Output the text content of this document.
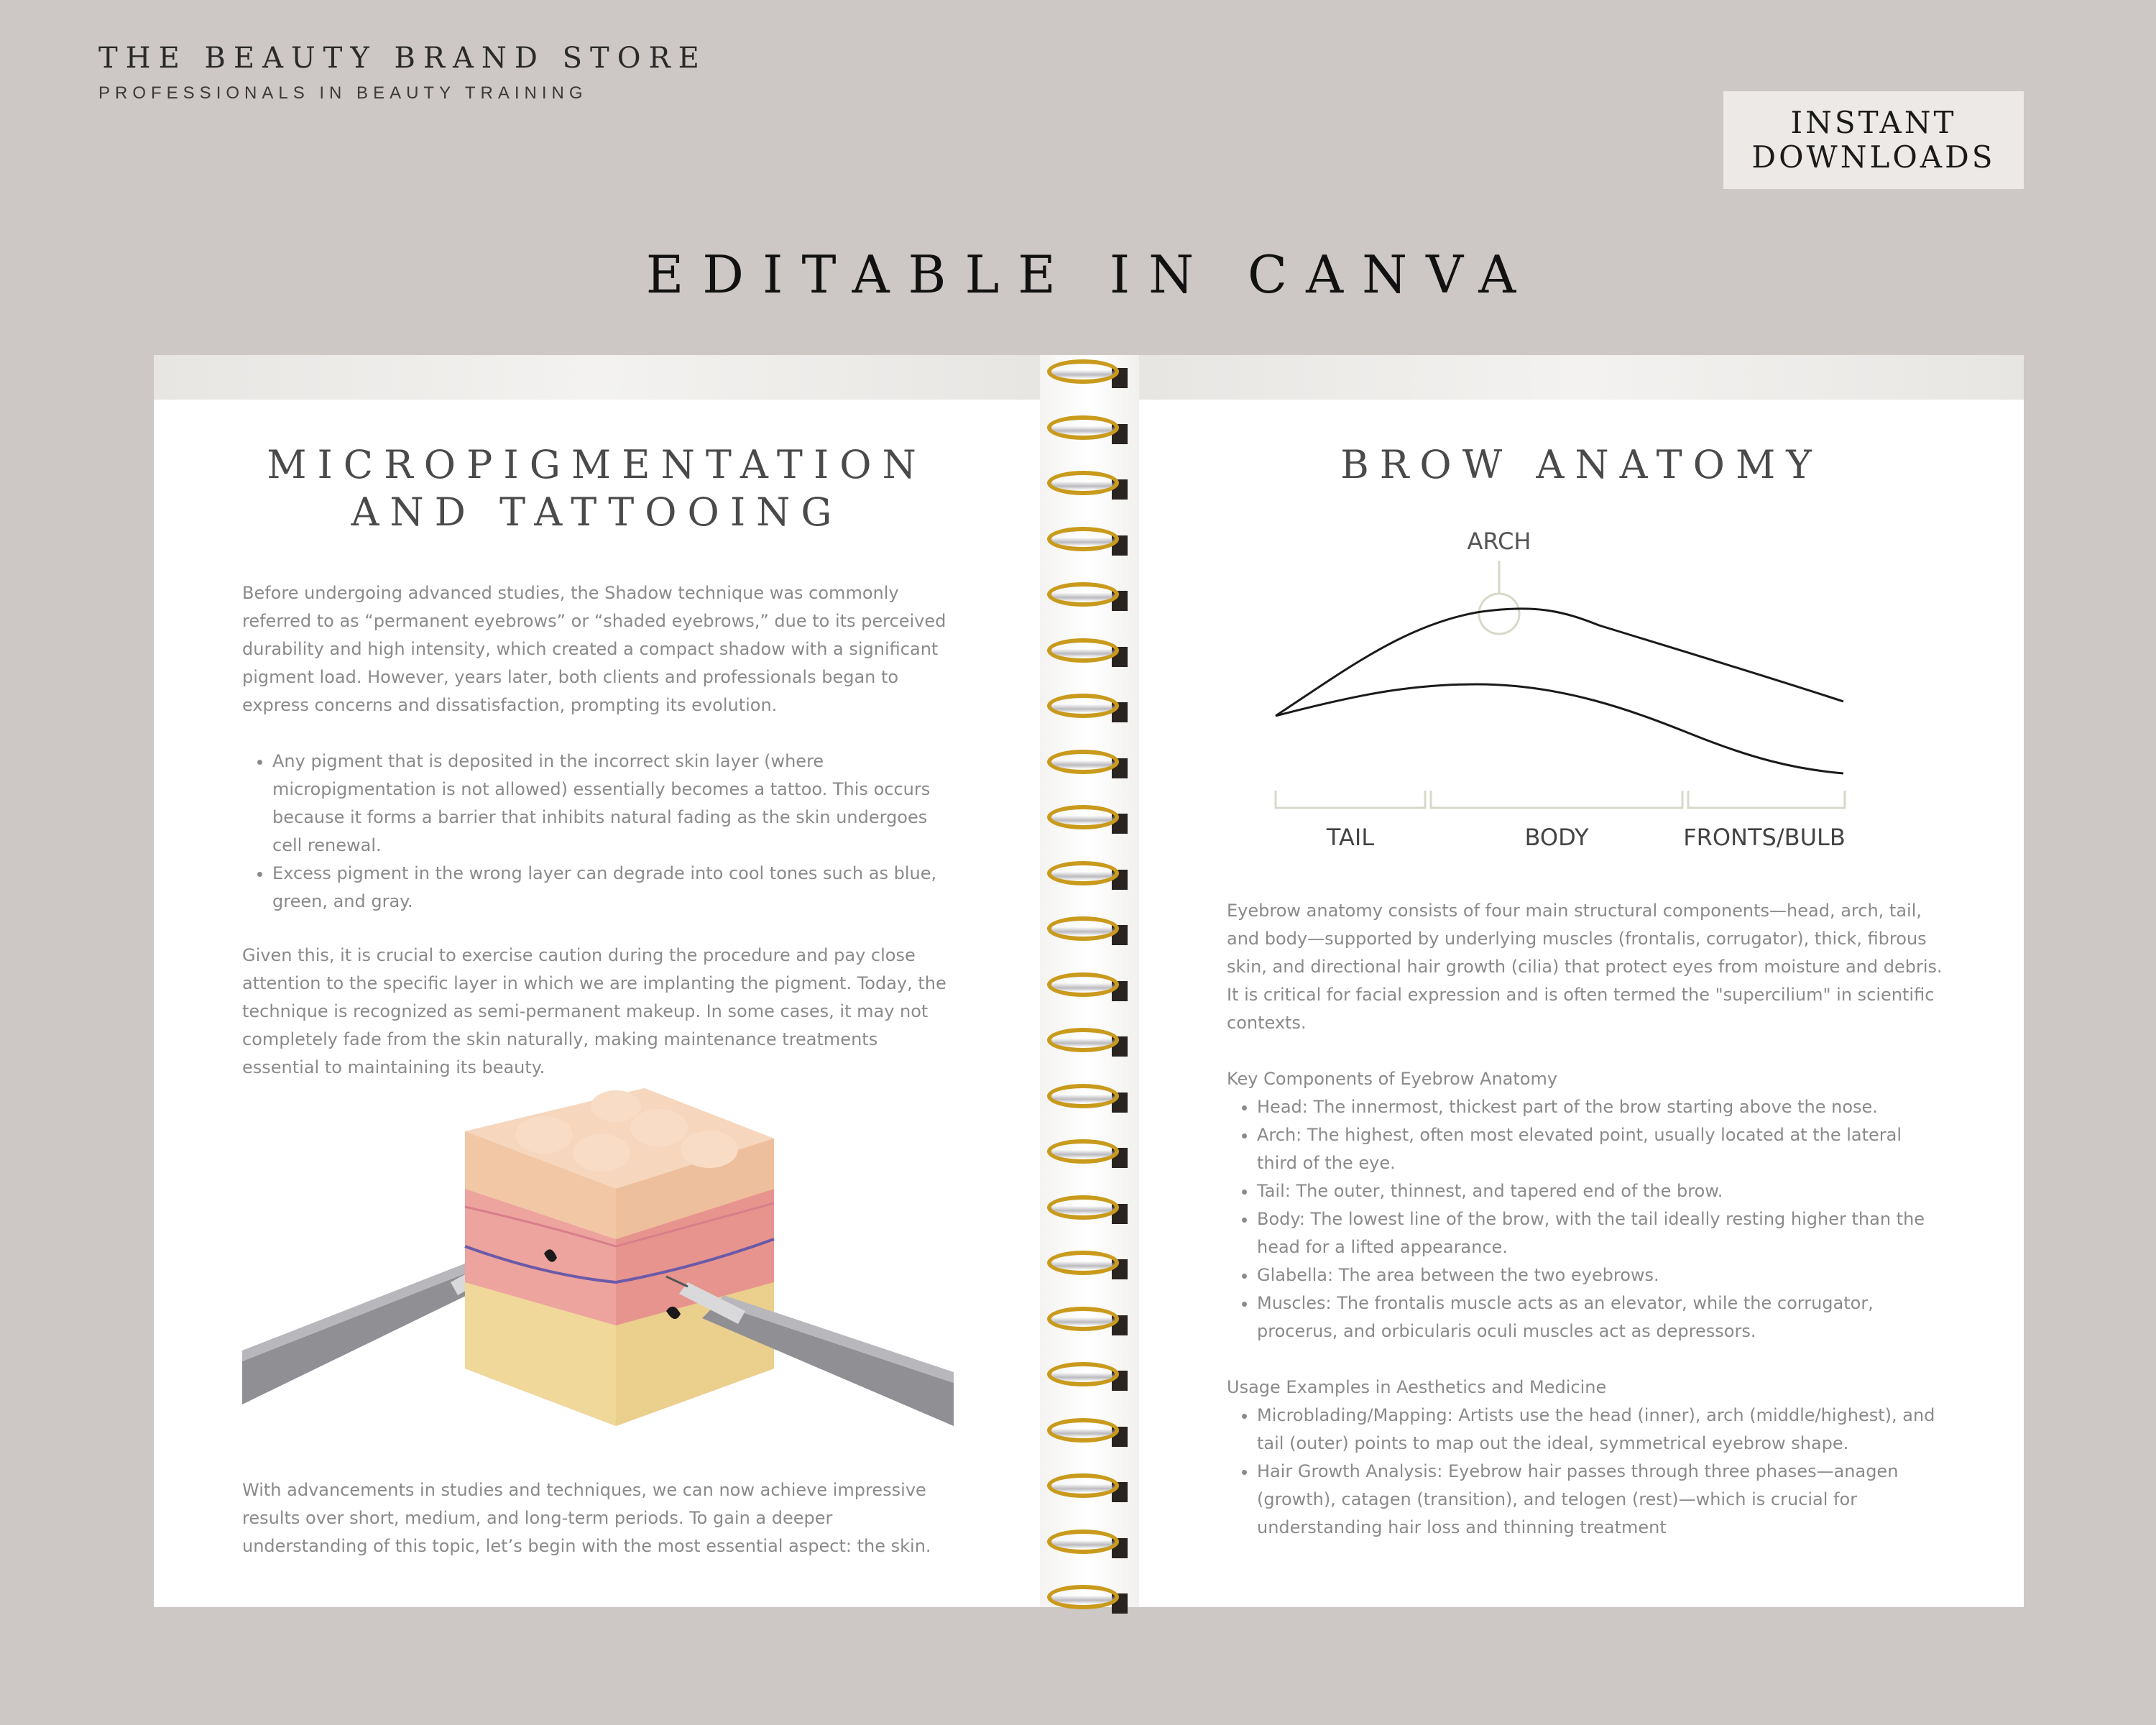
THE BEAUTY BRAND STORE
PROFESSIONALS IN BEAUTY TRAINING
INSTANT
DOWNLOADS
EDITABLE IN CANVA
MICROPIGMENTATION
AND TATTOOING

Before undergoing advanced studies, the Shadow technique was commonly referred to as “permanent eyebrows” or “shaded eyebrows,” due to its perceived durability and high intensity, which created a compact shadow with a significant pigment load. However, years later, both clients and professionals began to express concerns and dissatisfaction, prompting its evolution.

• Any pigment that is deposited in the incorrect skin layer (where micropigmentation is not allowed) essentially becomes a tattoo. This occurs because it forms a barrier that inhibits natural fading as the skin undergoes cell renewal.
• Excess pigment in the wrong layer can degrade into cool tones such as blue, green, and gray.

Given this, it is crucial to exercise caution during the procedure and pay close attention to the specific layer in which we are implanting the pigment. Today, the technique is recognized as semi-permanent makeup. In some cases, it may not completely fade from the skin naturally, making maintenance treatments essential to maintaining its beauty.

With advancements in studies and techniques, we can now achieve impressive results over short, medium, and long-term periods. To gain a deeper understanding of this topic, let’s begin with the most essential aspect: the skin.

BROW ANATOMY
ARCH
TAIL	BODY	FRONTS/BULB

Eyebrow anatomy consists of four main structural components—head, arch, tail, and body—supported by underlying muscles (frontalis, corrugator), thick, fibrous skin, and directional hair growth (cilia) that protect eyes from moisture and debris. It is critical for facial expression and is often termed the "supercilium" in scientific contexts.

Key Components of Eyebrow Anatomy
• Head: The innermost, thickest part of the brow starting above the nose.
• Arch: The highest, often most elevated point, usually located at the lateral third of the eye.
• Tail: The outer, thinnest, and tapered end of the brow.
• Body: The lowest line of the brow, with the tail ideally resting higher than the head for a lifted appearance.
• Glabella: The area between the two eyebrows.
• Muscles: The frontalis muscle acts as an elevator, while the corrugator, procerus, and orbicularis oculi muscles act as depressors.
Usage Examples in Aesthetics and Medicine
• Microblading/Mapping: Artists use the head (inner), arch (middle/highest), and tail (outer) points to map out the ideal, symmetrical eyebrow shape.
• Hair Growth Analysis: Eyebrow hair passes through three phases—anagen (growth), catagen (transition), and telogen (rest)—which is crucial for understanding hair loss and thinning treatment
